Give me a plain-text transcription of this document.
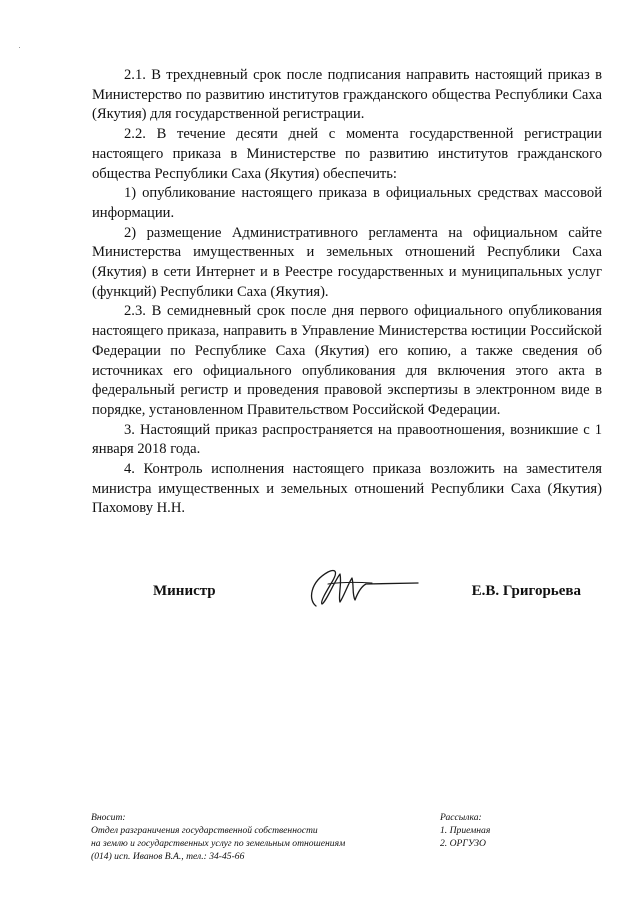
2.1. В трехдневный срок после подписания направить настоящий приказ в Министерство по развитию институтов гражданского общества Республики Саха (Якутия) для государственной регистрации.

2.2. В течение десяти дней с момента государственной регистрации настоящего приказа в Министерстве по развитию институтов гражданского общества Республики Саха (Якутия) обеспечить:

1) опубликование настоящего приказа в официальных средствах массовой информации.

2) размещение Административного регламента на официальном сайте Министерства имущественных и земельных отношений Республики Саха (Якутия) в сети Интернет и в Реестре государственных и муниципальных услуг (функций) Республики Саха (Якутия).

2.3. В семидневный срок после дня первого официального опубликования настоящего приказа, направить в Управление Министерства юстиции Российской Федерации по Республике Саха (Якутия) его копию, а также сведения об источниках его официального опубликования для включения этого акта в федеральный регистр и проведения правовой экспертизы в электронном виде в порядке, установленном Правительством Российской Федерации.

3. Настоящий приказ распространяется на правоотношения, возникшие с 1 января 2018 года.

4. Контроль исполнения настоящего приказа возложить на заместителя министра имущественных и земельных отношений Республики Саха (Якутия) Пахомову Н.Н.

Министр	Е.В. Григорьева
Вносит:
Отдел разграничения государственной собственности
на землю и государственных услуг по земельным отношениям
(014) исп. Иванов В.А., тел.: 34-45-66
Рассылка:
1. Приемная
2. ОРГУЗО
